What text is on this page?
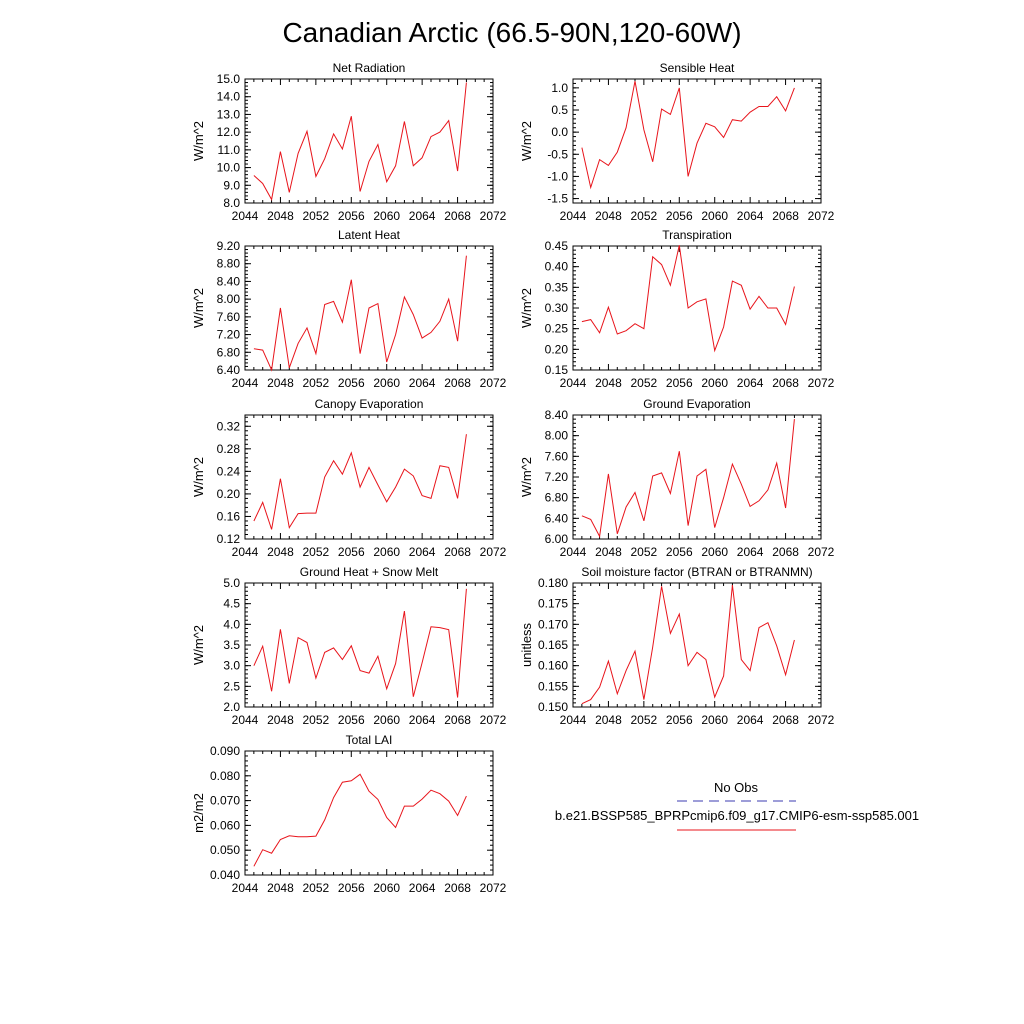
Canadian Arctic (66.5-90N,120-60W)
Net Radiation
W/m^2
2044 2048 2052 2056 2060 2064 2068 2072
8.0
9.0
10.0
11.0
12.0
13.0
14.0
15.0
Sensible Heat
W/m^2
2044 2048 2052 2056 2060 2064 2068 2072
-1.5
-1.0
-0.5
0.0
0.5
1.0
Latent Heat
W/m^2
2044 2048 2052 2056 2060 2064 2068 2072
6.40
6.80
7.20
7.60
8.00
8.40
8.80
9.20
Transpiration
W/m^2
2044 2048 2052 2056 2060 2064 2068 2072
0.15
0.20
0.25
0.30
0.35
0.40
0.45
Canopy Evaporation
W/m^2
2044 2048 2052 2056 2060 2064 2068 2072
0.12
0.16
0.20
0.24
0.28
0.32
Ground Evaporation
W/m^2
2044 2048 2052 2056 2060 2064 2068 2072
6.00
6.40
6.80
7.20
7.60
8.00
8.40
Ground Heat + Snow Melt
W/m^2
2044 2048 2052 2056 2060 2064 2068 2072
2.0
2.5
3.0
3.5
4.0
4.5
5.0
Soil moisture factor (BTRAN or BTRANMN)
unitless
2044 2048 2052 2056 2060 2064 2068 2072
0.150
0.155
0.160
0.165
0.170
0.175
0.180
Total LAI
m2/m2
2044 2048 2052 2056 2060 2064 2068 2072
0.040
0.050
0.060
0.070
0.080
0.090
No Obs
b.e21.BSSP585_BPRPcmip6.f09_g17.CMIP6-esm-ssp585.001
